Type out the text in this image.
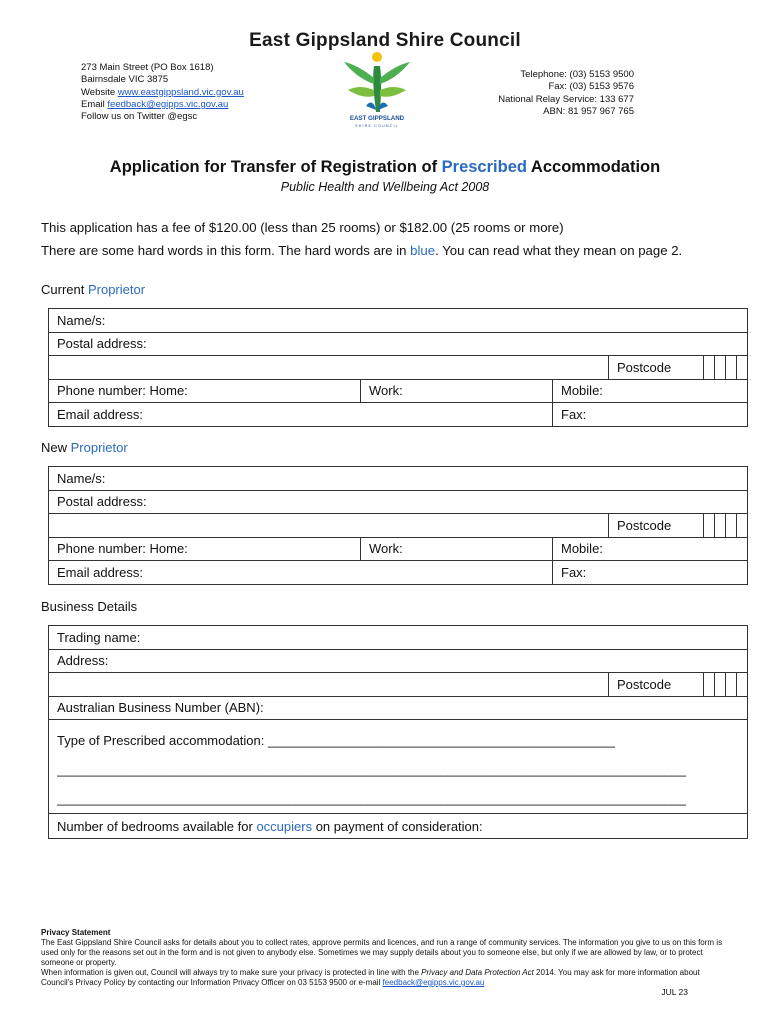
East Gippsland Shire Council
273 Main Street (PO Box 1618)
Bairnsdale VIC 3875
Website www.eastgippsland.vic.gov.au
Email feedback@egipps.vic.gov.au
Follow us on Twitter @egsc	EAST GIPPSLAND
SHIRE COUNCIL
Telephone: (03) 5153 9500
Fax: (03) 5153 9576
National Relay Service: 133 677
ABN: 81 957 967 765
Application for Transfer of Registration of Prescribed Accommodation
Public Health and Wellbeing Act 2008
This application has a fee of $120.00 (less than 25 rooms) or $182.00 (25 rooms or more)
There are some hard words in this form. The hard words are in blue. You can read what they mean on page 2.
Current Proprietor
Name/s:							
Postal address:							
			Postcode				
Phone number: Home:	Work:	Mobile:					
Email address:		Fax:					
New Proprietor
Name/s:							
Postal address:							
			Postcode				
Phone number: Home:	Work:	Mobile:					
Email address:		Fax:					
Business Details
Trading name:
Address:
	Postcode				
Australian Business Number (ABN):

Type of Prescribed accommodation: ________________________________________________
_______________________________________________________________________________________
_______________________________________________________________________________________

Number of bedrooms available for occupiers on payment of consideration:
Privacy Statement
The East Gippsland Shire Council asks for details about you to collect rates, approve permits and licences, and run a range of community services. The information you give to us on this form is used only for the reasons set out in the form and is not given to anybody else. Sometimes we may supply details about you to someone else, but only if we are allowed by law, or to protect someone or property.
When information is given out, Council will always try to make sure your privacy is protected in line with the Privacy and Data Protection Act 2014. You may ask for more information about Council's Privacy Policy by contacting our Information Privacy Officer on 03 5153 9500 or e-mail feedback@egipps.vic.gov.au
JUL 23
